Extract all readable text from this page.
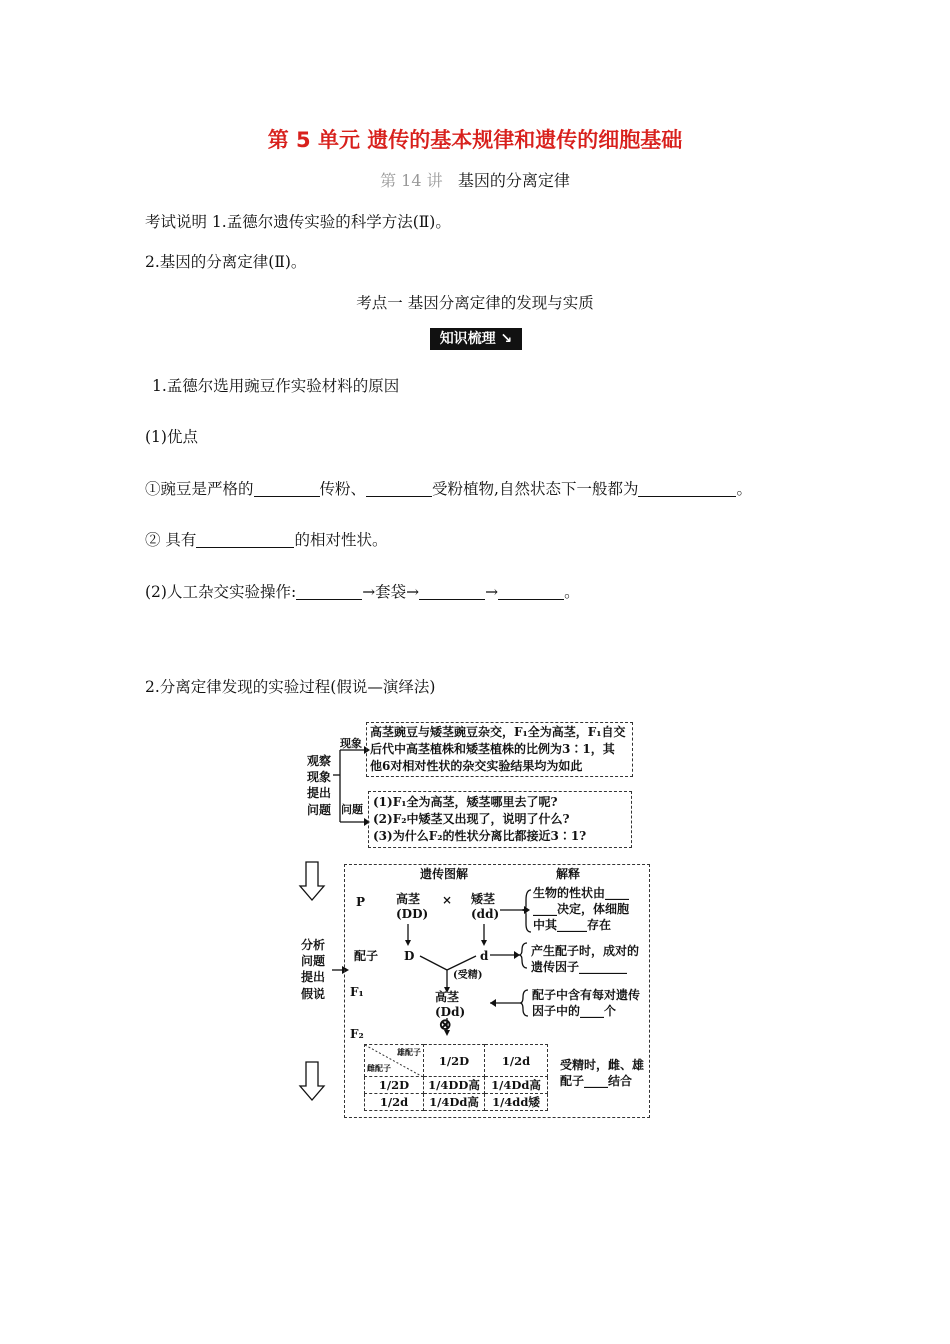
第 5 单元 遗传的基本规律和遗传的细胞基础
第 14 讲 基因的分离定律
考试说明 1.孟德尔遗传实验的科学方法(Ⅱ)。
2.基因的分离定律(Ⅱ)。
考点一 基因分离定律的发现与实质
知识梳理 ↘
1.孟德尔选用豌豆作实验材料的原因
(1)优点
①豌豆是严格的	传粉、	受粉植物,自然状态下一般都为	。
② 具有	的相对性状。
(2)人工杂交实验操作:	→套袋→	→	。
2.分离定律发现的实验过程(假说—演绎法)
观察
现象
提出
问题
现象
问题
高茎豌豆与矮茎豌豆杂交，F₁全为高茎，F₁自交
后代中高茎植株和矮茎植株的比例为3∶1，其
他6对相对性状的杂交实验结果均为如此
(1)F₁全为高茎，矮茎哪里去了呢?
(2)F₂中矮茎又出现了，说明了什么?
(3)为什么F₂的性状分离比都接近3∶1?
分析
问题
提出
假说
遗传图解	解释
P	高茎
(DD)
× 矮茎
(dd)
配子 D	d
(受精)
F₁	高茎
(Dd)
⊗
F₂
生物的性状由____
____决定，体细胞
中其_____存在
产生配子时，成对的
遗传因子________
配子中含有每对遗传
因子中的____个
受精时，雌、雄
配子____结合
雄配子
雌配子	1/2D	1/2d
1/2D	1/4DD高	1/4Dd高
1/2d	1/4Dd高	1/4dd矮
